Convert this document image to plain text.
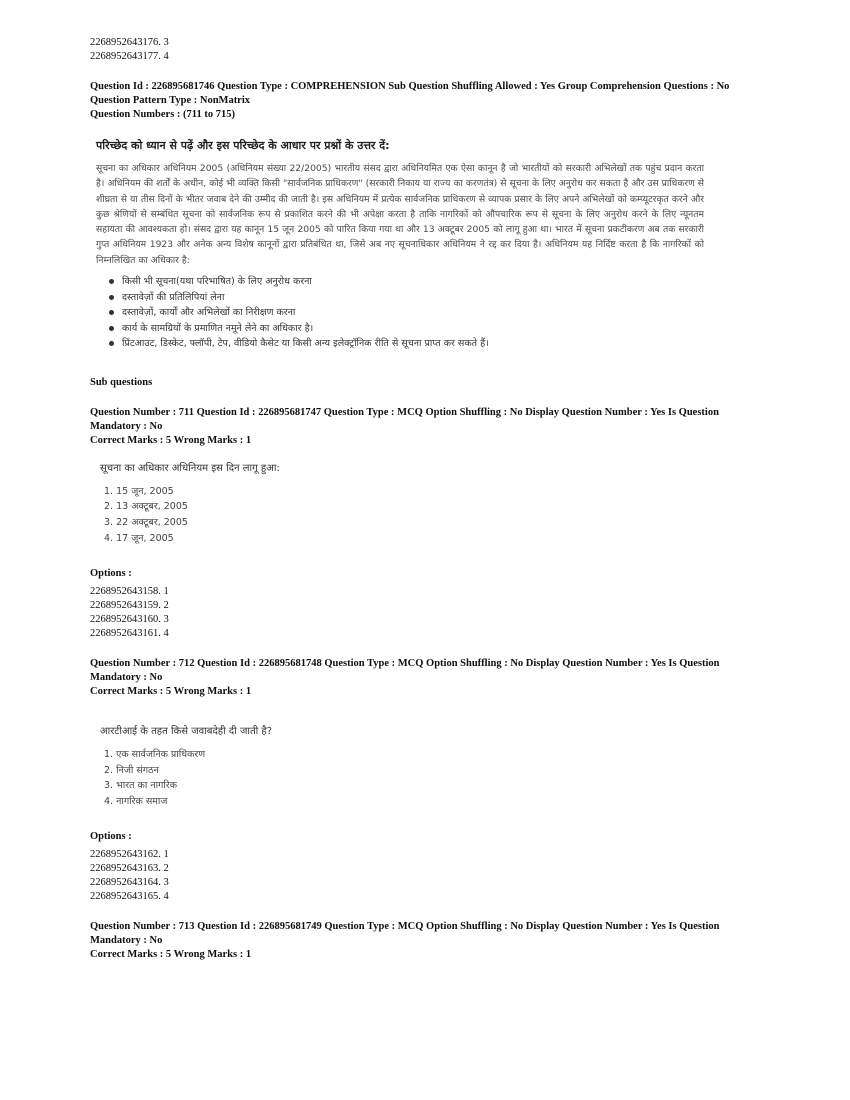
2268952643176. 3
2268952643177. 4
Question Id : 226895681746 Question Type : COMPREHENSION Sub Question Shuffling Allowed : Yes Group Comprehension Questions : No
Question Pattern Type : NonMatrix
Question Numbers : (711 to 715)
परिच्छेद को ध्यान से पढ़ें और इस परिच्छेद के आधार पर प्रश्नों के उत्तर दें:
सूचना का अधिकार अधिनियम 2005 (अधिनियम संख्या 22/2005) भारतीय संसद द्वारा अधिनियमित एक ऐसा कानून है जो भारतीयों को सरकारी अभिलेखों तक पहुंच प्रदान करता है। अधिनियम की शर्तों के अधीन, कोई भी व्यक्ति किसी "सार्वजनिक प्राधिकरण" (सरकारी निकाय या राज्य का करणतंत्र) से सूचना के लिए अनुरोध कर सकता है और उस प्राधिकरण से शीघ्रता से या तीस दिनों के भीतर जवाब देने की उम्मीद की जाती है। इस अधिनियम में प्रत्येक सार्वजनिक प्राधिकरण से व्यापक प्रसार के लिए अपने अभिलेखों को कम्प्यूटरकृत करने और कुछ श्रेणियों से सम्बंधित सूचना को सार्वजनिक रूप से प्रकाशित करने की भी अपेक्षा करता है ताकि नागरिकों को औपचारिक रूप से सूचना के लिए अनुरोध करने के लिए न्यूनतम सहायता की आवश्यकता हो। संसद द्वारा यह कानून 15 जून 2005 को पारित किया गया था और 13 अक्टूबर 2005 को लागू हुआ था। भारत में सूचना प्रकटीकरण अब तक सरकारी गुप्त अधिनियम 1923 और अनेक अन्य विशेष कानूनों द्वारा प्रतिबंधित था, जिसे अब नए सूचनाधिकार अधिनियम ने रद्द कर दिया है। अधिनियम यह निर्दिष्ट करता है कि नागरिकों को निम्नलिखित का अधिकार है:
किसी भी सूचना(यथा परिभाषित) के लिए अनुरोध करना
दस्तावेज़ों की प्रतिलिपियां लेना
दस्तावेज़ों, कार्यों और अभिलेखों का निरीक्षण करना
कार्य के सामग्रियों के प्रमाणित नमूने लेने का अधिकार है।
प्रिंटआउट, डिस्केट, फ्लॉपी, टेप, वीडियो कैसेट या किसी अन्य इलेक्ट्रॉनिक रीति से सूचना प्राप्त कर सकते हैं।
Sub questions
Question Number : 711 Question Id : 226895681747 Question Type : MCQ Option Shuffling : No Display Question Number : Yes Is Question
Mandatory : No
Correct Marks : 5 Wrong Marks : 1
सूचना का अधिकार अधिनियम इस दिन लागू हुआ:
1. 15 जून, 2005
2. 13 अक्टूबर, 2005
3. 22 अक्टूबर, 2005
4. 17 जून, 2005
Options :
2268952643158. 1
2268952643159. 2
2268952643160. 3
2268952643161. 4
Question Number : 712 Question Id : 226895681748 Question Type : MCQ Option Shuffling : No Display Question Number : Yes Is Question
Mandatory : No
Correct Marks : 5 Wrong Marks : 1
आरटीआई के तहत किसे जवाबदेही दी जाती है?
1. एक सार्वजनिक प्राधिकरण
2. निजी संगठन
3. भारत का नागरिक
4. नागरिक समाज
Options :
2268952643162. 1
2268952643163. 2
2268952643164. 3
2268952643165. 4
Question Number : 713 Question Id : 226895681749 Question Type : MCQ Option Shuffling : No Display Question Number : Yes Is Question
Mandatory : No
Correct Marks : 5 Wrong Marks : 1
